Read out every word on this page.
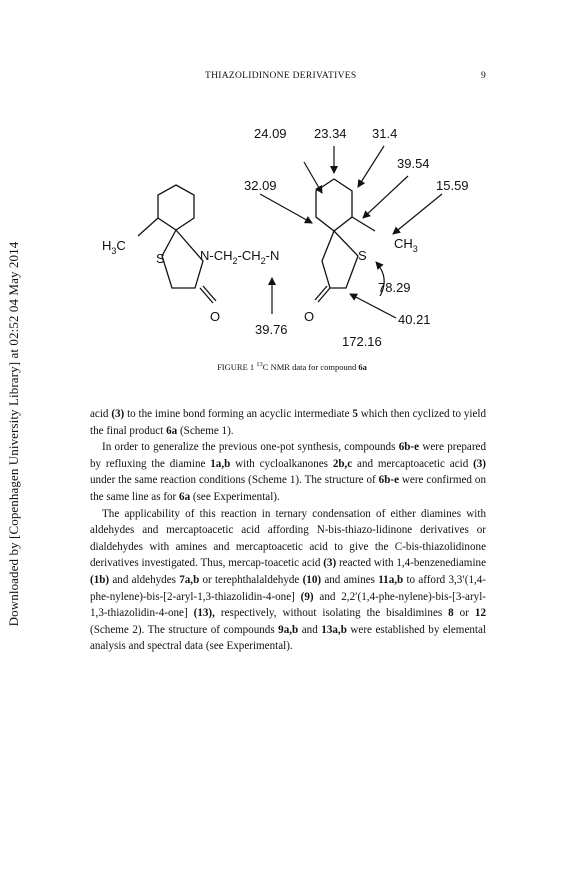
Downloaded by [Copenhagen University Library] at 02:52 04 May 2014
THIAZOLIDINONE DERIVATIVES	9
$H_3C$
S	$N-CH_2-CH_2-N$	S
O	O
$CH_3$
24.09 23.34 31.4
39.54
32.09	15.59
78.29
40.21
39.76
172.16
FIGURE 1 $^{13}$C NMR data for compound 6a

acid (3) to the imine bond forming an acyclic intermediate 5 which then cyclized to yield the final product 6a (Scheme 1).

In order to generalize the previous one-pot synthesis, compounds 6b-e were prepared by refluxing the diamine 1a,b with cycloalkanones 2b,c and mercaptoacetic acid (3) under the same reaction conditions (Scheme 1). The structure of 6b-e were confirmed on the same line as for 6a (see Experimental).

The applicability of this reaction in ternary condensation of either diamines with aldehydes and mercaptoacetic acid affording N-bis-thiazo-lidinone derivatives or dialdehydes with amines and mercaptoacetic acid to give the C-bis-thiazolidinone derivatives investigated. Thus, mercap-toacetic acid (3) reacted with 1,4-benzenediamine (1b) and aldehydes 7a,b or terephthalaldehyde (10) and amines 11a,b to afford 3,3′(1,4-phe-nylene)-bis-[2-aryl-1,3-thiazolidin-4-one] (9) and 2,2′(1,4-phe-nylene)-bis-[3-aryl-1,3-thiazolidin-4-one] (13), respectively, without isolating the bisaldimines 8 or 12 (Scheme 2). The structure of compounds 9a,b and 13a,b were established by elemental analysis and spectral data (see Experimental).
